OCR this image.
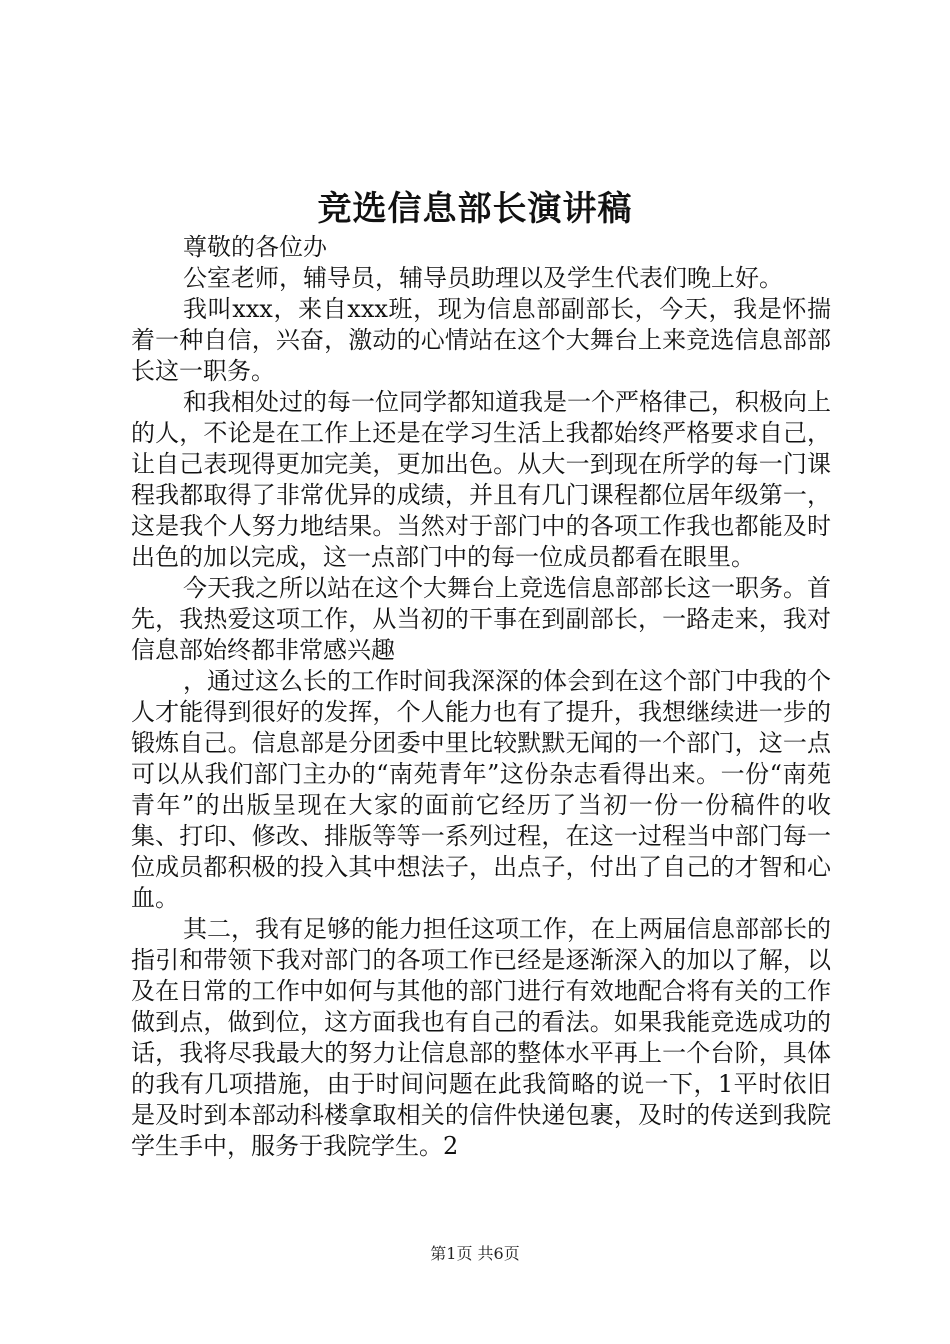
竞选信息部长演讲稿

尊敬的各位办

公室老师，辅导员，辅导员助理以及学生代表们晚上好。

我叫xxx，来自xxx班，现为信息部副部长，今天，我是怀揣着一种自信，兴奋，激动的心情站在这个大舞台上来竞选信息部部长这一职务。

和我相处过的每一位同学都知道我是一个严格律己，积极向上的人，不论是在工作上还是在学习生活上我都始终严格要求自己，让自己表现得更加完美，更加出色。从大一到现在所学的每一门课程我都取得了非常优异的成绩，并且有几门课程都位居年级第一，这是我个人努力地结果。当然对于部门中的各项工作我也都能及时出色的加以完成，这一点部门中的每一位成员都看在眼里。

今天我之所以站在这个大舞台上竞选信息部部长这一职务。首先，我热爱这项工作，从当初的干事在到副部长，一路走来，我对信息部始终都非常感兴趣

，通过这么长的工作时间我深深的体会到在这个部门中我的个人才能得到很好的发挥，个人能力也有了提升，我想继续进一步的锻炼自己。信息部是分团委中里比较默默无闻的一个部门，这一点可以从我们部门主办的“南苑青年”这份杂志看得出来。一份“南苑青年”的出版呈现在大家的面前它经历了当初一份一份稿件的收集、打印、修改、排版等等一系列过程，在这一过程当中部门每一位成员都积极的投入其中想法子，出点子，付出了自己的才智和心血。

其二，我有足够的能力担任这项工作，在上两届信息部部长的指引和带领下我对部门的各项工作已经是逐渐深入的加以了解，以及在日常的工作中如何与其他的部门进行有效地配合将有关的工作做到点，做到位，这方面我也有自己的看法。如果我能竞选成功的话，我将尽我最大的努力让信息部的整体水平再上一个台阶，具体的我有几项措施，由于时间问题在此我简略的说一下，1平时依旧是及时到本部动科楼拿取相关的信件快递包裹，及时的传送到我院学生手中，服务于我院学生。2

第1页 共6页
